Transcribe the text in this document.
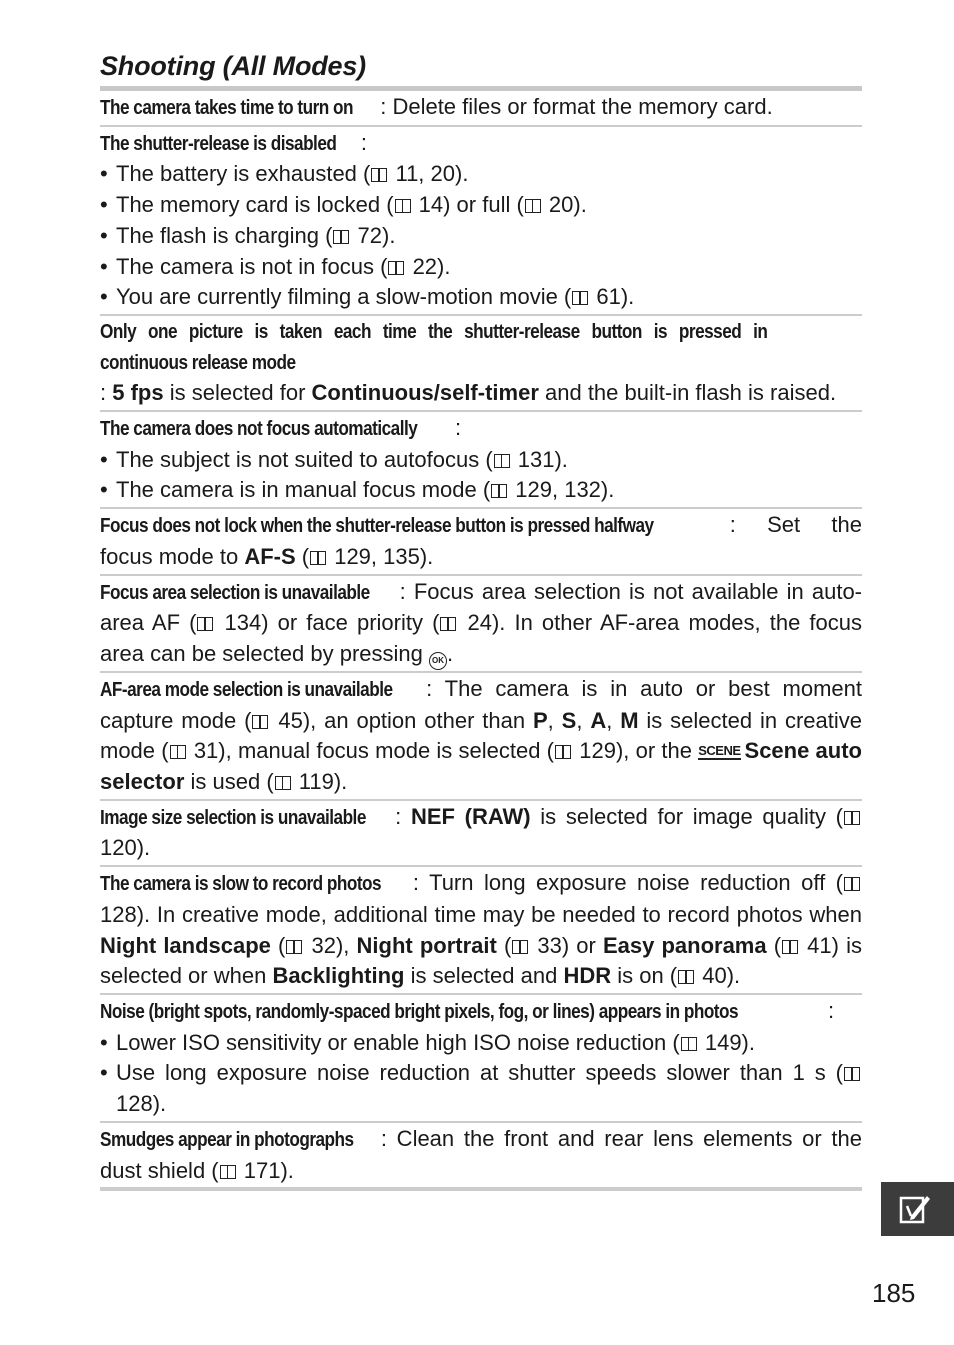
Shooting (All Modes)

The camera takes time to turn on : Delete files or format the memory card.

The shutter-release is disabled :

• The battery is exhausted ( 11, 20).
• The memory card is locked ( 14) or full ( 20).
• The flash is charging ( 72).
• The camera is not in focus ( 22).
• You are currently filming a slow-motion movie ( 61).

Only one picture is taken each time the shutter-release button is pressed in continuous release mode: 5 fps is selected for Continuous/self-timer and the built-in flash is raised.

The camera does not focus automatically :

• The subject is not suited to autofocus ( 131).
• The camera is in manual focus mode ( 129, 132).

Focus does not lock when the shutter-release button is pressed halfway	: Set the focus mode to AF-S ( 129, 135).

Focus area selection is unavailable : Focus area selection is not available in auto-area AF ( 134) or face priority ( 24). In other AF-area modes, the focus area can be selected by pressing OK .

AF-area mode selection is unavailable : The camera is in auto or best moment capture mode ( 45), an option other than P, S, A, M is selected in creative mode ( 31), manual focus mode is selected ( 129), or the SCENE Scene auto selector is used ( 119).

Image size selection is unavailable : NEF (RAW) is selected for image quality ( 120).

The camera is slow to record photos : Turn long exposure noise reduction off ( 128). In creative mode, additional time may be needed to record photos when Night landscape ( 32), Night portrait ( 33) or Easy panorama ( 41) is selected or when Backlighting is selected and HDR is on ( 40).

Noise (bright spots, randomly-spaced bright pixels, fog, or lines) appears in photos	:

• Lower ISO sensitivity or enable high ISO noise reduction ( 149).
• Use long exposure noise reduction at shutter speeds slower than 1 s ( 128).

Smudges appear in photographs : Clean the front and rear lens elements or the dust shield ( 171).

185
